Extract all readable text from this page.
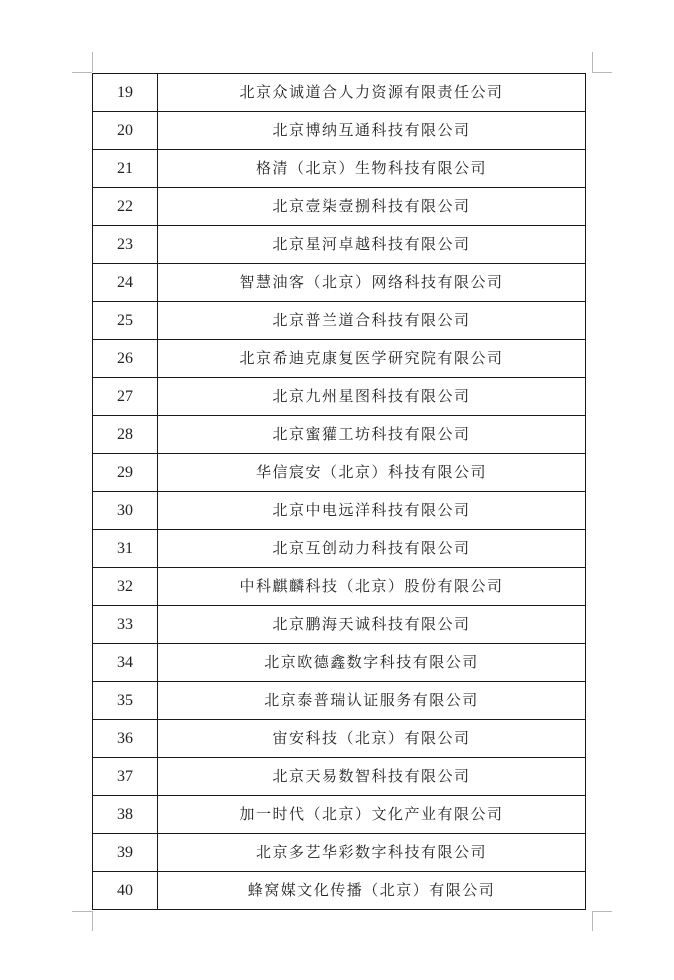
19	北京众诚道合人力资源有限责任公司
20	北京博纳互通科技有限公司
21	格清（北京）生物科技有限公司
22	北京壹柒壹捌科技有限公司
23	北京星河卓越科技有限公司
24	智慧油客（北京）网络科技有限公司
25	北京普兰道合科技有限公司
26	北京希迪克康复医学研究院有限公司
27	北京九州星图科技有限公司
28	北京蜜獾工坊科技有限公司
29	华信宸安（北京）科技有限公司
30	北京中电远洋科技有限公司
31	北京互创动力科技有限公司
32	中科麒麟科技（北京）股份有限公司
33	北京鹏海天诚科技有限公司
34	北京欧德鑫数字科技有限公司
35	北京泰普瑞认证服务有限公司
36	宙安科技（北京）有限公司
37	北京天易数智科技有限公司
38	加一时代（北京）文化产业有限公司
39	北京多艺华彩数字科技有限公司
40	蜂窝媒文化传播（北京）有限公司
